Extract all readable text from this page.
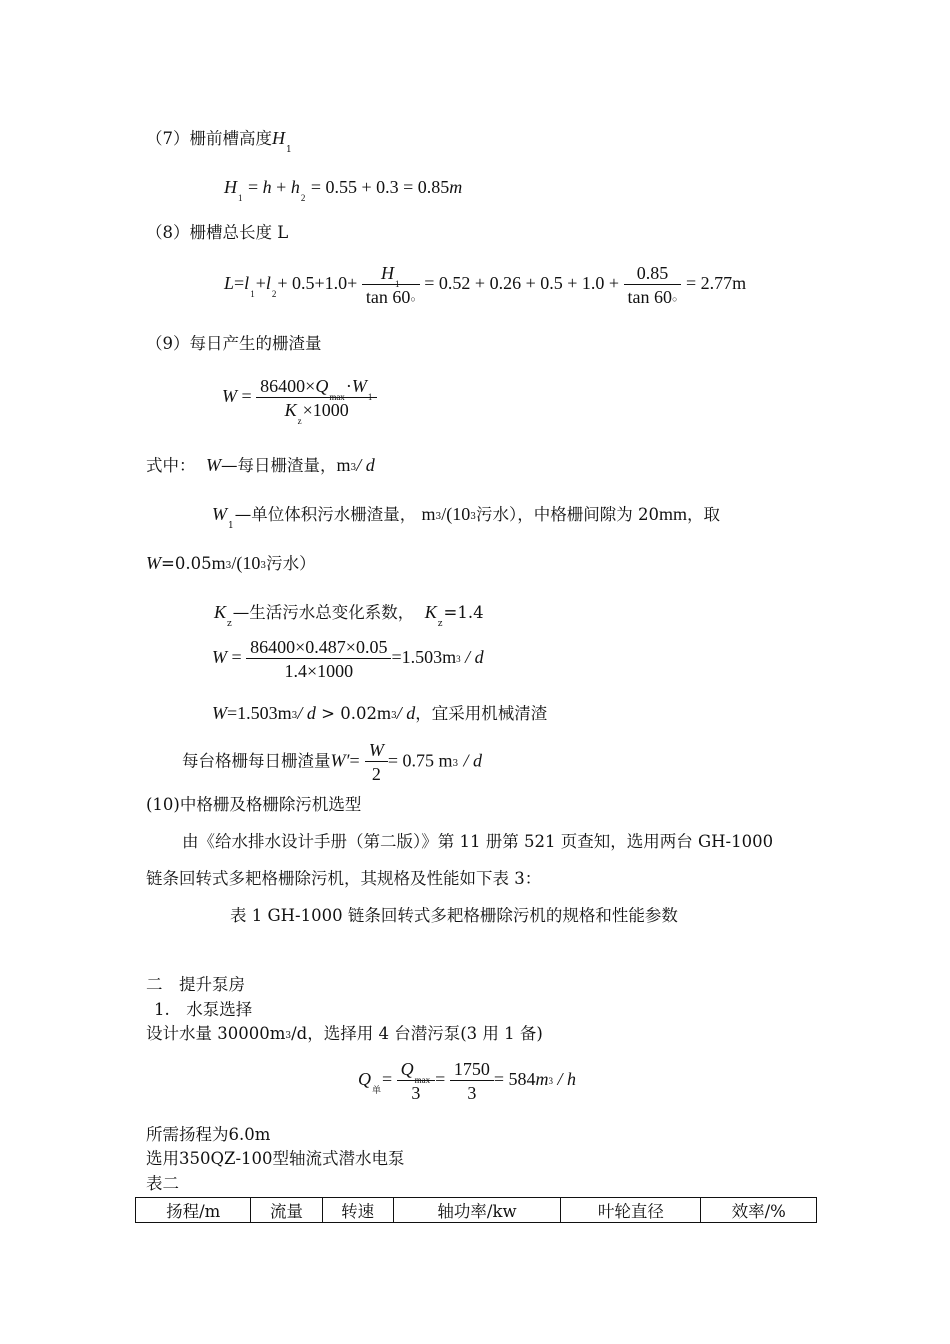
（7）栅前槽高度$H_1$
$H_1 = h + h_2 = 0.55 + 0.3 = 0.85m$
（8）栅槽总长度 L
$L=l_1+l_2+ 0.5+1.0+ \frac{H_1}{\tan 60○} = 0.52 + 0.26 + 0.5 + 1.0 + \frac{0.85}{\tan 60○} = 2.77m$
（9）每日产生的栅渣量
$W = \frac{86400\times Q_{max}\cdot W_1}{K_z\times 1000}$
式中： W—每日栅渣量，m3/ d
$W_1—$单位体积污水栅渣量， m3/(103污水），中格栅间隙为 20mm，取
W=0.05m3/(103污水）
$K_z—$生活污水总变化系数， $K_z=1.4$
$W = \frac{86400\times 0.487\times 0.05}{1.4\times 1000} =1.503m3 / d$
W=1.503m3/ d > 0.02m3/ d，宜采用机械清渣
每台格栅每日栅渣量$W'= \frac{W}{2} = 0.75$ m3 / d
(10)中格栅及格栅除污机选型
由《给水排水设计手册（第二版）》第 11 册第 521 页查知，选用两台 GH-1000
链条回转式多耙格栅除污机，其规格及性能如下表 3：
表 1 GH-1000 链条回转式多耙格栅除污机的规格和性能参数
二　提升泵房
1.　水泵选择
设计水量 30000m3/d，选择用 4 台潜污泵(3 用 1 备)
$Q_单= \frac{Q_{max}}{3} = \frac{1750}{3} = 584m3 / h$
所需扬程为6.0m
选用350QZ-100型轴流式潜水电泵
表二
扬程/m	流量	转速	轴功率/kw	叶轮直径	效率/%
